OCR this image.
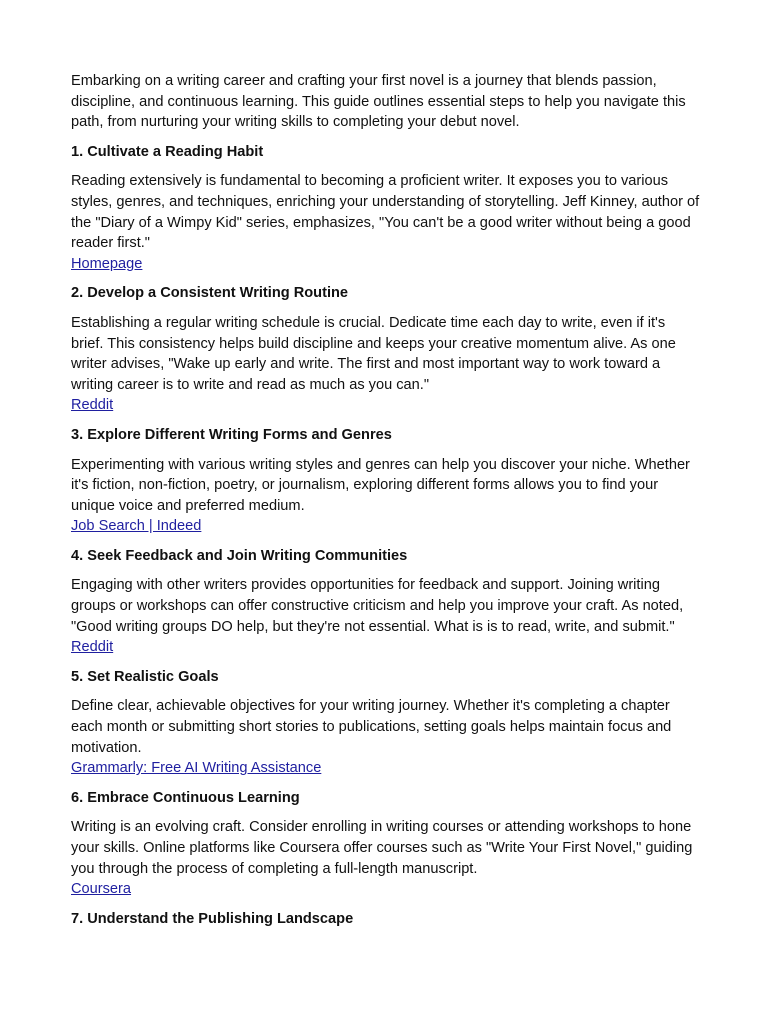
Embarking on a writing career and crafting your first novel is a journey that blends passion, discipline, and continuous learning. This guide outlines essential steps to help you navigate this path, from nurturing your writing skills to completing your debut novel.

1. Cultivate a Reading Habit

Reading extensively is fundamental to becoming a proficient writer. It exposes you to various styles, genres, and techniques, enriching your understanding of storytelling. Jeff Kinney, author of the "Diary of a Wimpy Kid" series, emphasizes, "You can't be a good writer without being a good reader first."

Homepage
2. Develop a Consistent Writing Routine

Establishing a regular writing schedule is crucial. Dedicate time each day to write, even if it's brief. This consistency helps build discipline and keeps your creative momentum alive. As one writer advises, "Wake up early and write. The first and most important way to work toward a writing career is to write and read as much as you can."

Reddit
3. Explore Different Writing Forms and Genres

Experimenting with various writing styles and genres can help you discover your niche. Whether it's fiction, non-fiction, poetry, or journalism, exploring different forms allows you to find your unique voice and preferred medium.

Job Search | Indeed
4. Seek Feedback and Join Writing Communities

Engaging with other writers provides opportunities for feedback and support. Joining writing groups or workshops can offer constructive criticism and help you improve your craft. As noted, "Good writing groups DO help, but they're not essential. What is is to read, write, and submit."

Reddit
5. Set Realistic Goals

Define clear, achievable objectives for your writing journey. Whether it's completing a chapter each month or submitting short stories to publications, setting goals helps maintain focus and motivation.

Grammarly: Free AI Writing Assistance
6. Embrace Continuous Learning

Writing is an evolving craft. Consider enrolling in writing courses or attending workshops to hone your skills. Online platforms like Coursera offer courses such as "Write Your First Novel," guiding you through the process of completing a full-length manuscript.

Coursera
7. Understand the Publishing Landscape
